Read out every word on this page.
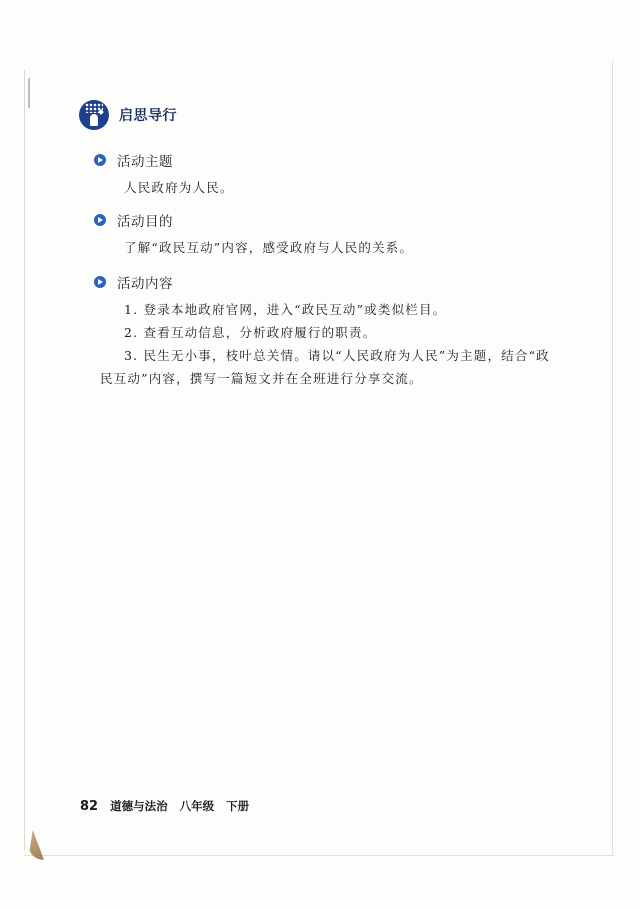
启思导行
活动主题
人民政府为人民。
活动目的
了解“政民互动”内容，感受政府与人民的关系。
活动内容
1. 登录本地政府官网，进入“政民互动”或类似栏目。
2. 查看互动信息，分析政府履行的职责。
3. 民生无小事，枝叶总关情。请以“人民政府为人民”为主题，结合“政
民互动”内容，撰写一篇短文并在全班进行分享交流。
82 道德与法治 八年级 下册
